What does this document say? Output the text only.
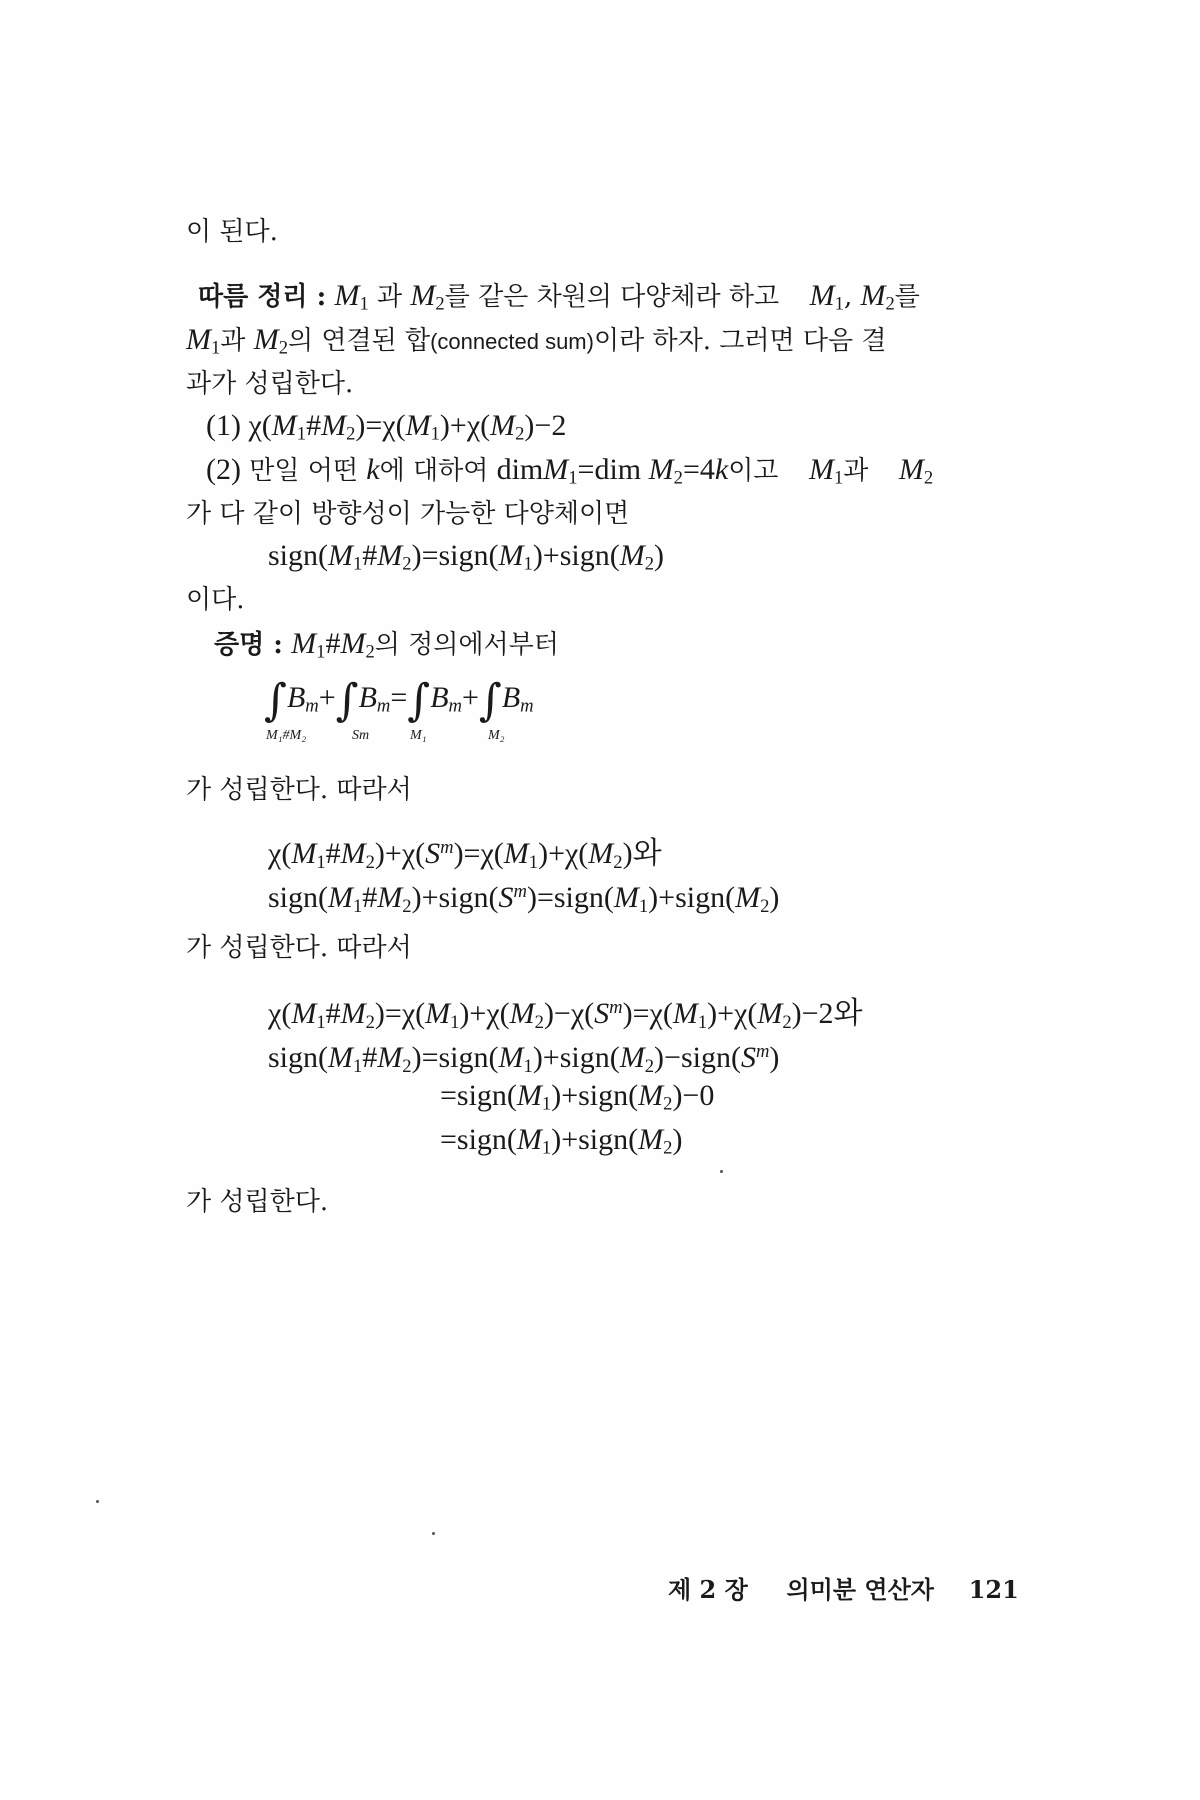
이 된다.
따름 정리 : $M_1$ 과 $M_2$를 같은 차원의 다양체라 하고 $M_1$, $M_2$를
$M_1$과 $M_2$의 연결된 합(connected sum)이라 하자. 그러면 다음 결
과가 성립한다.
(1) $\chi(M_1\#M_2)=\chi(M_1)+\chi(M_2)-2$
(2) 만일 어떤 k에 대하여 dimM$_1$=dim $M_2=4k$이고 $M_1$과 $M_2$
가 다 같이 방향성이 가능한 다양체이면
$sign(M_1\#M_2)=sign(M_1)+sign(M_2)$
이다.
증명 : $M_1\#M_2$의 정의에서부터
$\int B_m+\int B_m=\int B_m+\int B_m$
M₁#M₂	Sm	M₁	M₂
가 성립한다. 따라서
$\chi(M_1\#M_2)+\chi(S^m)=\chi(M_1)+\chi(M_2)$와
$sign(M_1\#M_2)+sign(S^m)=sign(M_1)+sign(M_2)$
가 성립한다. 따라서
$\chi(M_1\#M_2)=\chi(M_1)+\chi(M_2)-\chi(S^m)=\chi(M_1)+\chi(M_2)-2$와
$sign(M_1\#M_2)=sign(M_1)+sign(M_2)-sign(S^m)$
$=sign(M_1)+sign(M_2)-0$
$=sign(M_1)+sign(M_2)$
가 성립한다.
제 2 장 의미분 연산자 121
